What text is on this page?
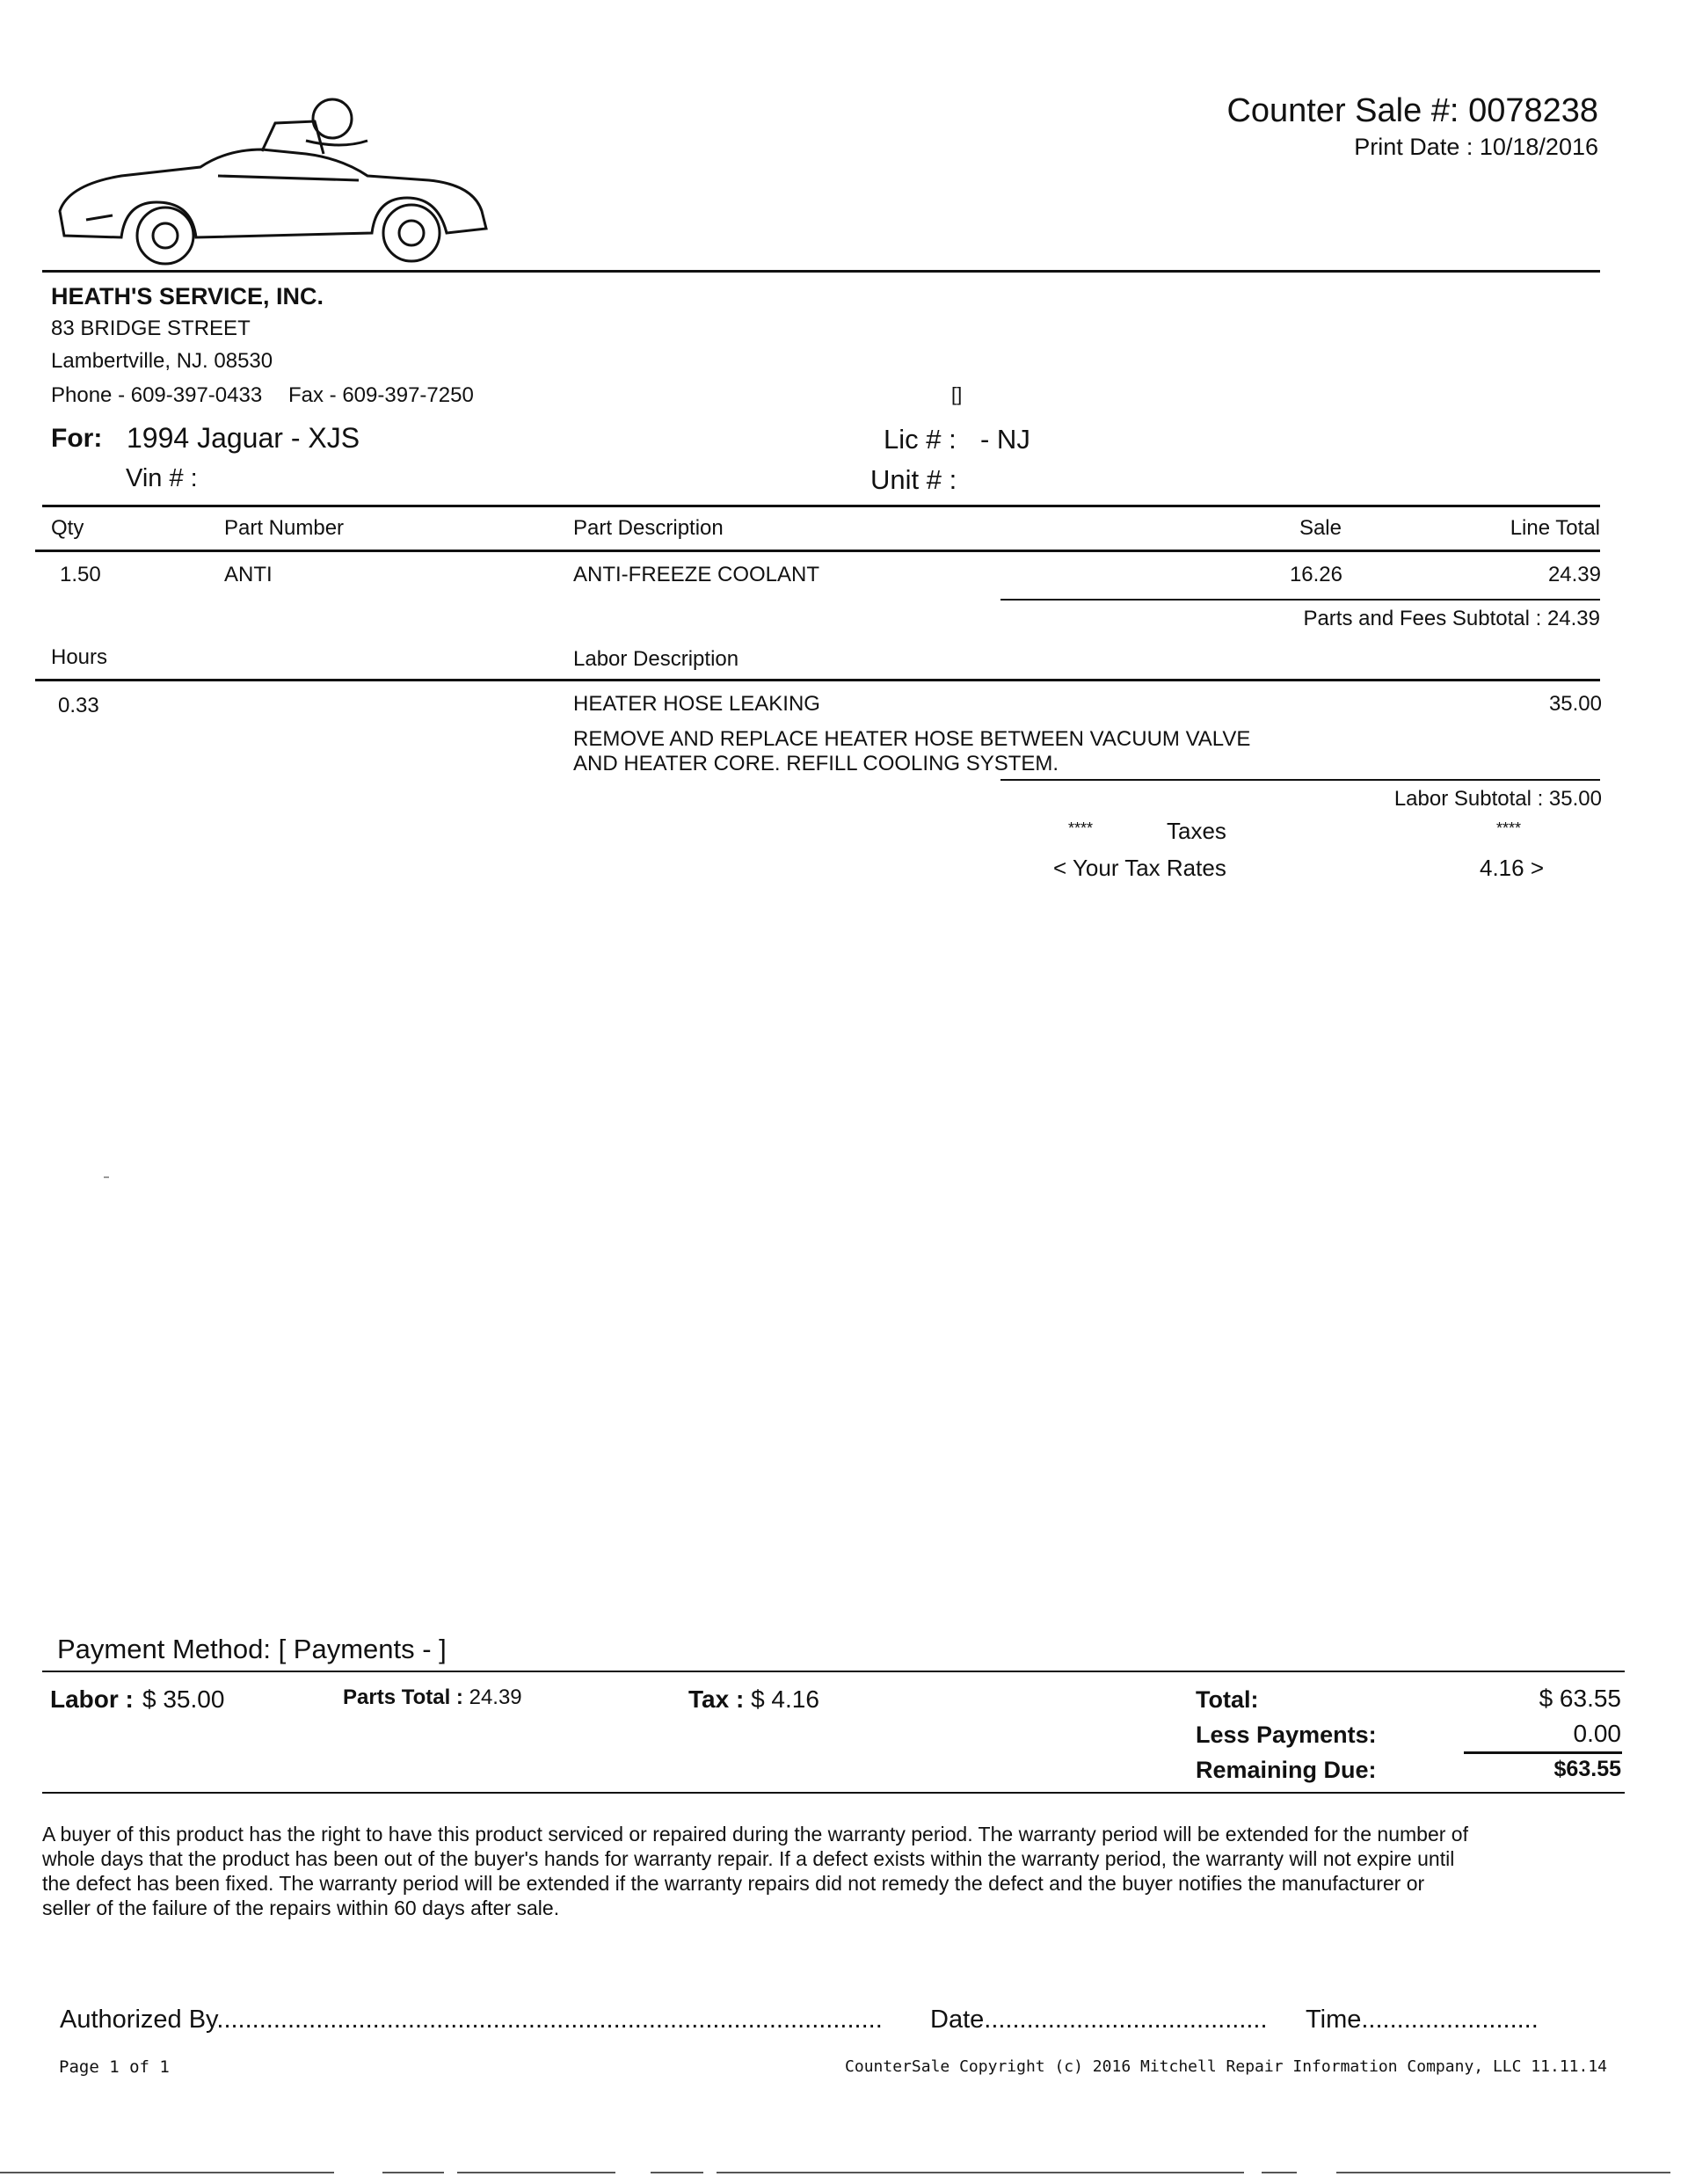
Counter Sale #: 0078238
Print Date : 10/18/2016
HEATH'S SERVICE, INC.
83 BRIDGE STREET
Lambertville, NJ. 08530
Phone - 609-397-0433 Fax - 609-397-7250	[]
For: 1994 Jaguar - XJS
Vin # :
Lic # : - NJ
Unit # :
Qty	Part Number	Part Description	Sale	Line Total
1.50	ANTI	ANTI-FREEZE COOLANT	16.26	24.39
Parts and Fees Subtotal : 24.39
Hours	Labor Description
0.33	HEATER HOSE LEAKING	35.00
REMOVE AND REPLACE HEATER HOSE BETWEEN VACUUM VALVE
AND HEATER CORE. REFILL COOLING SYSTEM.
Labor Subtotal : 35.00
****	Taxes	****
< Your Tax Rates	4.16 >
Payment Method: [ Payments - ]
Labor : $ 35.00	Parts Total : 24.39	Tax : $ 4.16	Total:	$ 63.55
Less Payments:	0.00
Remaining Due:	$63.55
A buyer of this product has the right to have this product serviced or repaired during the warranty period. The warranty period will be extended for the number of
whole days that the product has been out of the buyer's hands for warranty repair. If a defect exists within the warranty period, the warranty will not expire until
the defect has been fixed. The warranty period will be extended if the warranty repairs did not remedy the defect and the buyer notifies the manufacturer or
seller of the failure of the repairs within 60 days after sale.
Authorized By.............................................................................................. Date........................................ Time.........................
Page 1 of 1	CounterSale Copyright (c) 2016 Mitchell Repair Information Company, LLC 11.11.14
